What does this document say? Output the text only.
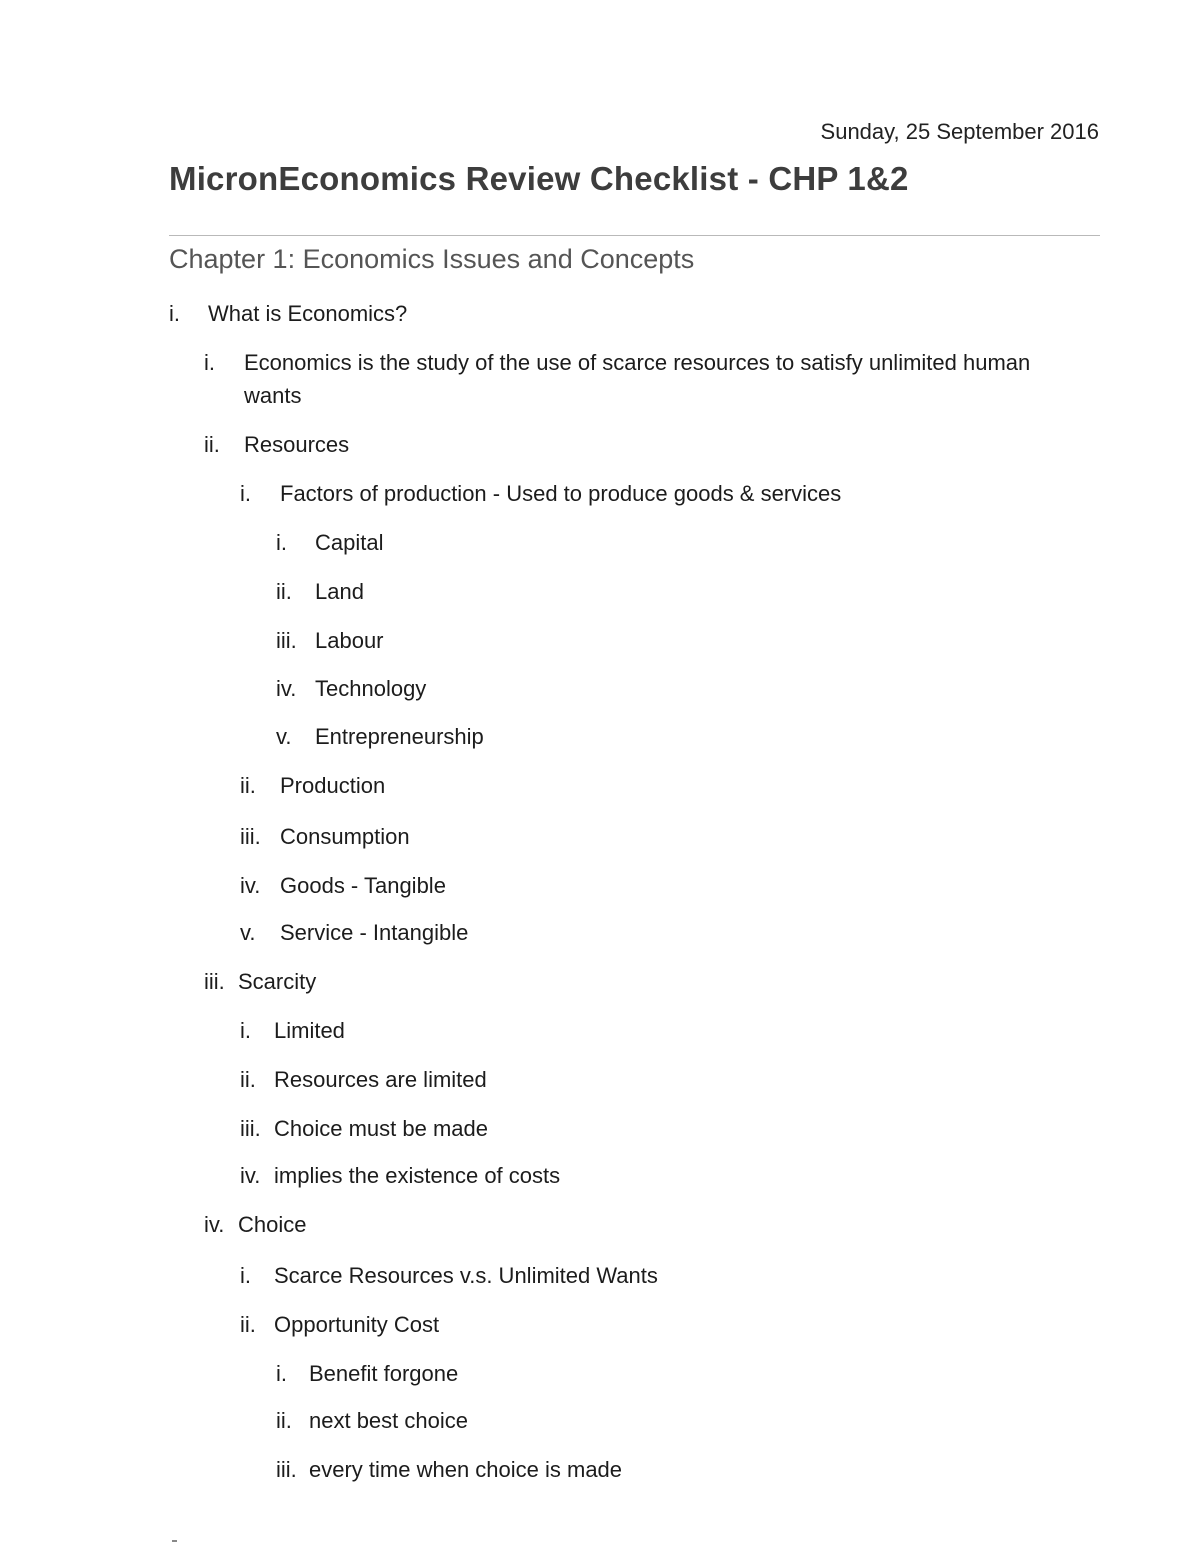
Sunday, 25 September 2016
MicronEconomics Review Checklist - CHP 1&2
Chapter 1: Economics Issues and Concepts
i. What is Economics?
i. Economics is the study of the use of scarce resources to satisfy unlimited human
wants
ii. Resources
i. Factors of production - Used to produce goods & services
i. Capital
ii. Land
iii. Labour
iv. Technology
v. Entrepreneurship
ii. Production
iii. Consumption
iv. Goods - Tangible
v. Service - Intangible
iii. Scarcity
i. Limited
ii. Resources are limited
iii. Choice must be made
iv. implies the existence of costs
iv. Choice
i. Scarce Resources v.s. Unlimited Wants
ii. Opportunity Cost
i. Benefit forgone
ii. next best choice
iii. every time when choice is made
